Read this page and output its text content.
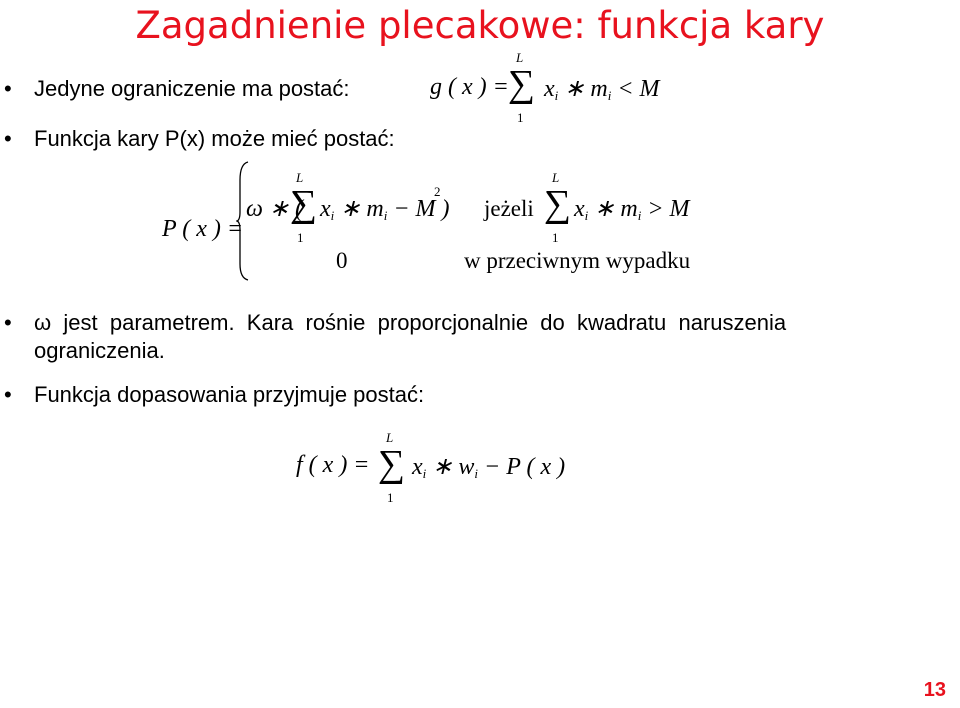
Zagadnienie plecakowe: funkcja kary
• Jedyne ograniczenie ma postać:	g ( x ) =
L
∑
1
$x_i$ ∗ $m_i < M$
• Funkcja kary P(x) może mieć postać:
P ( x ) =
ω ∗ (
L
∑
1
$x_i$ ∗ $m_i - M$ )
2
jeżeli
L
∑
1
$x_i$ ∗ $m_i > M$
0	w przeciwnym wypadku
• ω  jest  parametrem.  Kara  rośnie  proporcjonalnie  do  kwadratu  naruszenia
ograniczenia.
• Funkcja dopasowania przyjmuje postać:
f ( x ) =
L
∑
1
$x_i$ ∗ $w_i - P$ ( x )
13
